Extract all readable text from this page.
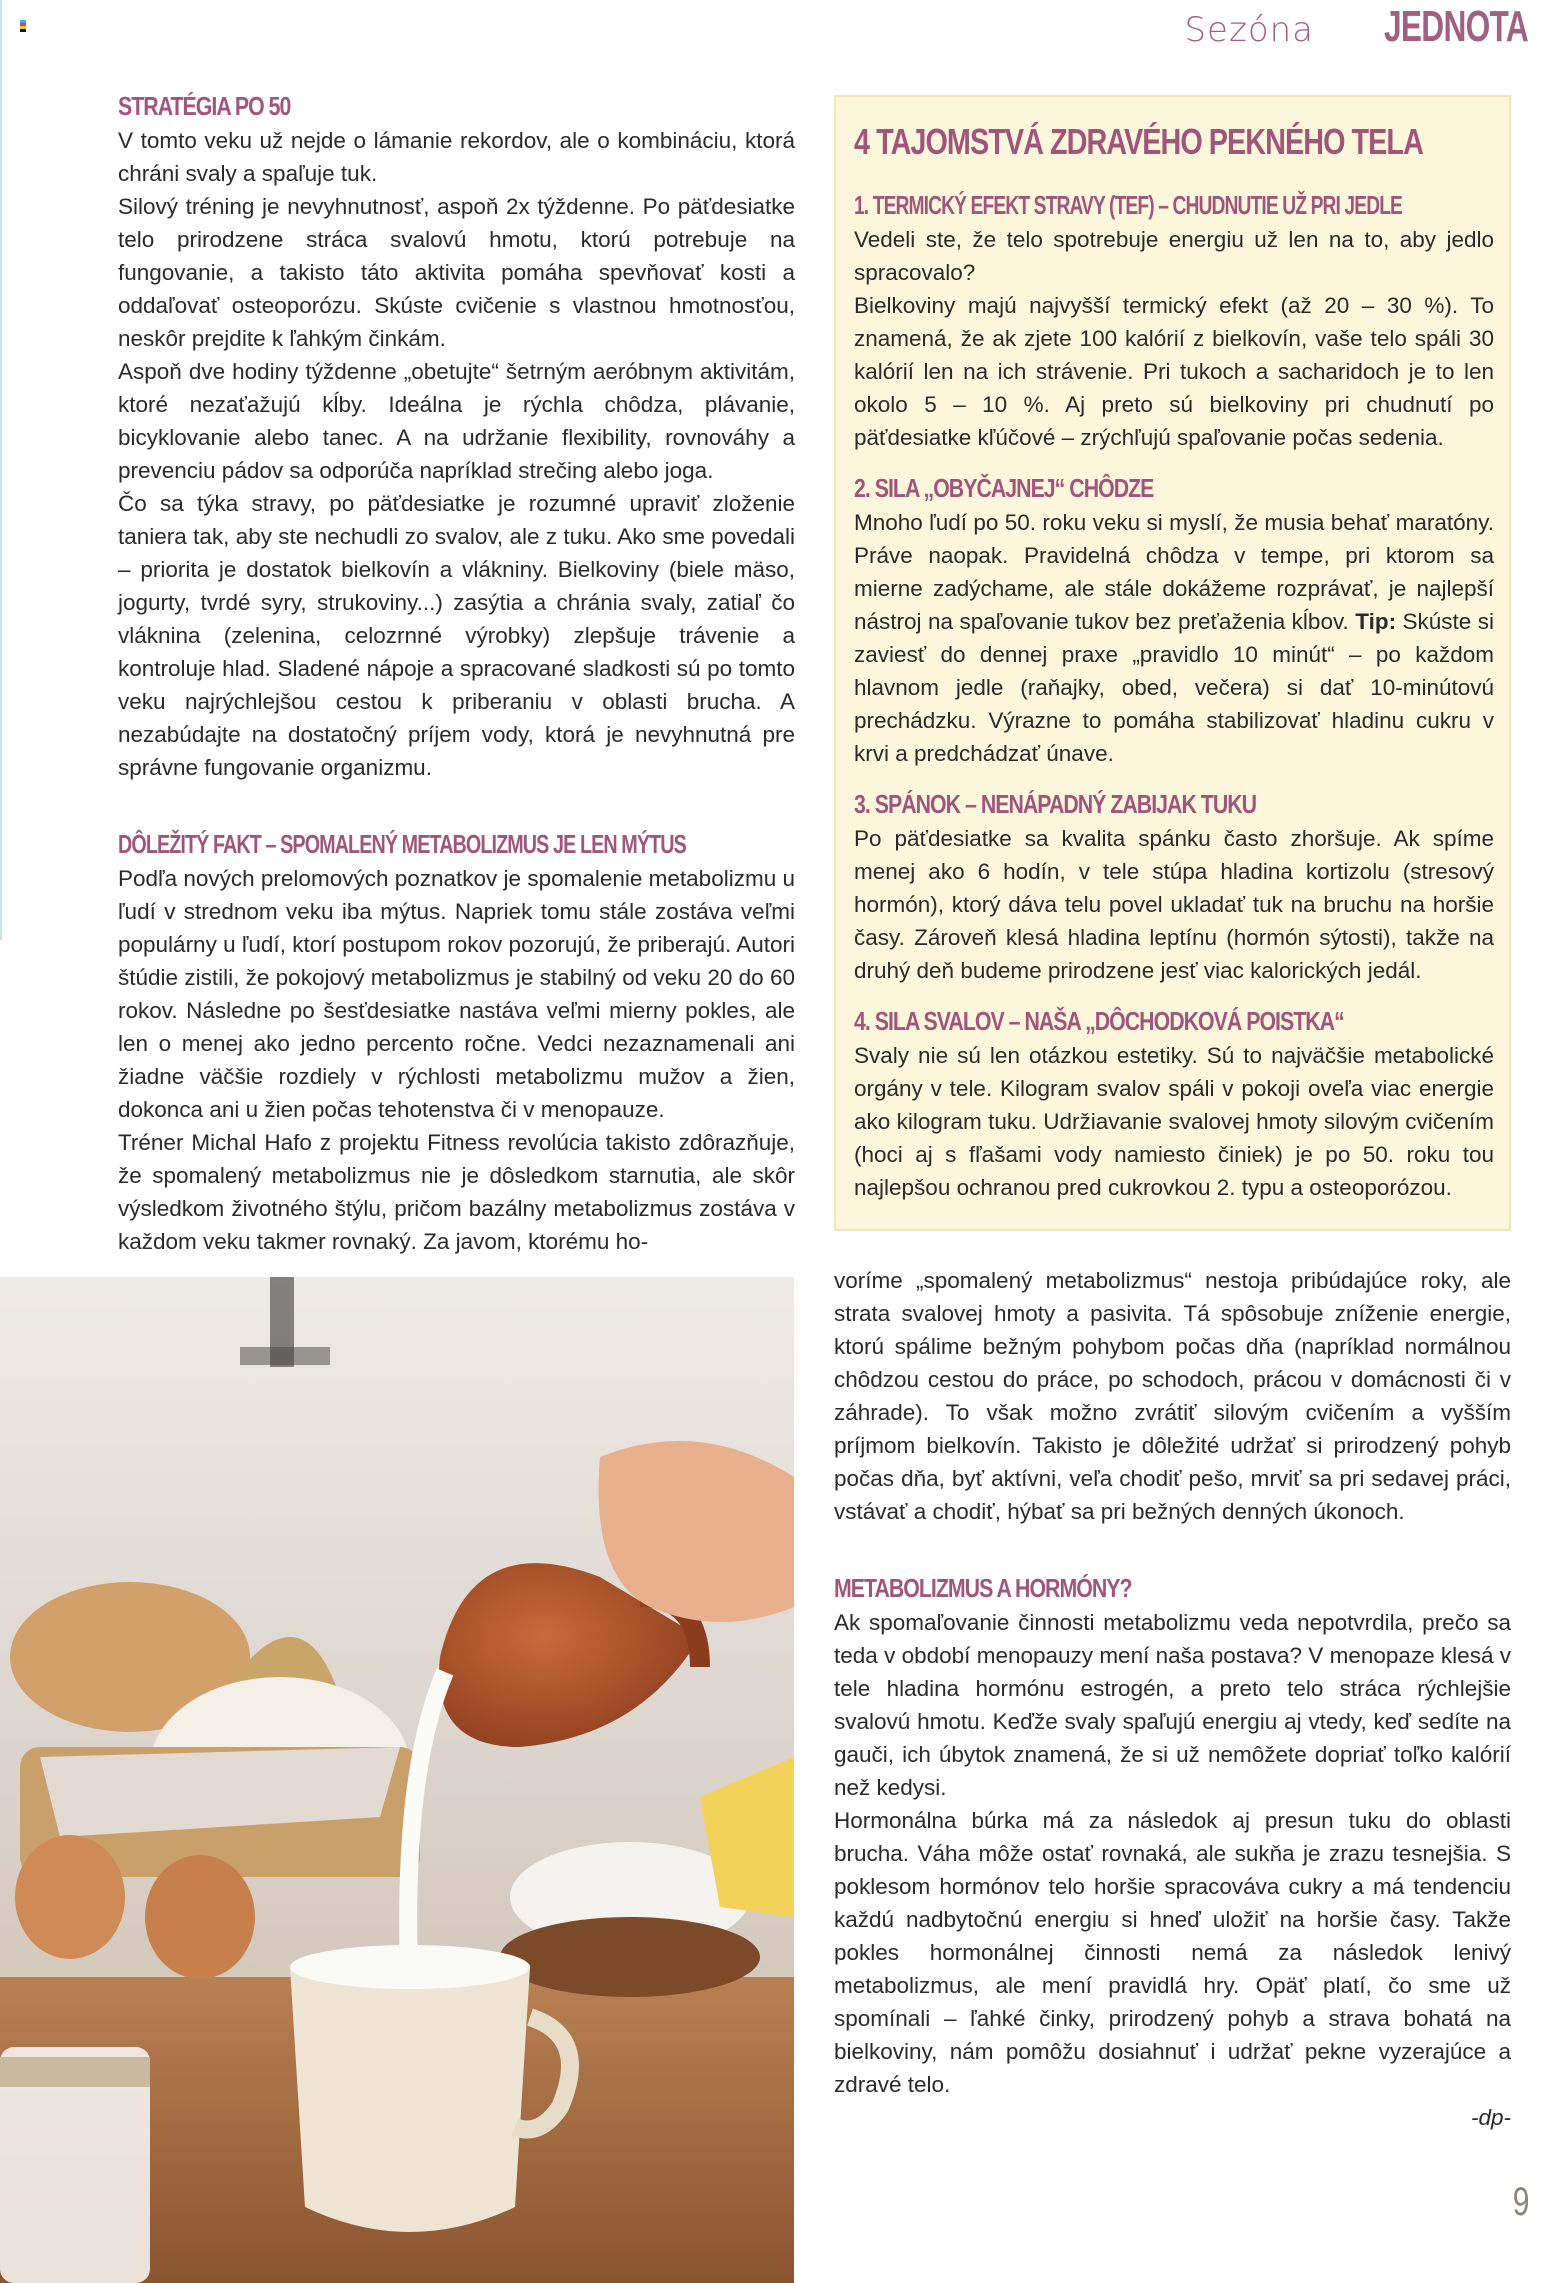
Sezóna JEDNOTA
STRATÉGIA PO 50

V tomto veku už nejde o lámanie rekordov, ale o kombináciu, ktorá chráni svaly a spaľuje tuk.

Silový tréning je nevyhnutnosť, aspoň 2x týždenne. Po päťdesiatke telo prirodzene stráca svalovú hmotu, ktorú potrebuje na fungovanie, a takisto táto aktivita pomáha spevňovať kosti a oddaľovať osteoporózu. Skúste cvičenie s vlastnou hmotnosťou, neskôr prejdite k ľahkým činkám.

Aspoň dve hodiny týždenne „obetujte“ šetrným aeróbnym aktivitám, ktoré nezaťažujú kĺby. Ideálna je rýchla chôdza, plávanie, bicyklovanie alebo tanec. A na udržanie flexibility, rovnováhy a prevenciu pádov sa odporúča napríklad strečing alebo joga.

Čo sa týka stravy, po päťdesiatke je rozumné upraviť zloženie taniera tak, aby ste nechudli zo svalov, ale z tuku. Ako sme povedali – priorita je dostatok bielkovín a vlákniny. Bielkoviny (biele mäso, jogurty, tvrdé syry, strukoviny...) zasýtia a chránia svaly, zatiaľ čo vláknina (zelenina, celozrnné výrobky) zlepšuje trávenie a kontroluje hlad. Sladené nápoje a spracované sladkosti sú po tomto veku najrýchlejšou cestou k priberaniu v oblasti brucha. A nezabúdajte na dostatočný príjem vody, ktorá je nevyhnutná pre správne fungovanie organizmu.

DÔLEŽITÝ FAKT – SPOMALENÝ METABOLIZMUS JE LEN MÝTUS

Podľa nových prelomových poznatkov je spomalenie metabolizmu u ľudí v strednom veku iba mýtus. Napriek tomu stále zostáva veľmi populárny u ľudí, ktorí postupom rokov pozorujú, že priberajú. Autori štúdie zistili, že pokojový metabolizmus je stabilný od veku 20 do 60 rokov. Následne po šesťdesiatke nastáva veľmi mierny pokles, ale len o menej ako jedno percento ročne. Vedci nezaznamenali ani žiadne väčšie rozdiely v rýchlosti metabolizmu mužov a žien, dokonca ani u žien počas tehotenstva či v menopauze.

Tréner Michal Hafo z projektu Fitness revolúcia takisto zdôrazňuje, že spomalený metabolizmus nie je dôsledkom starnutia, ale skôr výsledkom životného štýlu, pričom bazálny metabolizmus zostáva v každom veku takmer rovnaký. Za javom, ktorému ho-

4 TAJOMSTVÁ ZDRAVÉHO PEKNÉHO TELA
1. TERMICKÝ EFEKT STRAVY (TEF) – CHUDNUTIE UŽ PRI JEDLE

Vedeli ste, že telo spotrebuje energiu už len na to, aby jedlo spracovalo?

Bielkoviny majú najvyšší termický efekt (až 20 – 30 %). To znamená, že ak zjete 100 kalórií z bielkovín, vaše telo spáli 30 kalórií len na ich strávenie. Pri tukoch a sacharidoch je to len okolo 5 – 10 %. Aj preto sú bielkoviny pri chudnutí po päťdesiatke kľúčové – zrýchľujú spaľovanie počas sedenia.

2. SILA „OBYČAJNEJ“ CHÔDZE

Mnoho ľudí po 50. roku veku si myslí, že musia behať maratóny. Práve naopak. Pravidelná chôdza v tempe, pri ktorom sa mierne zadýchame, ale stále dokážeme rozprávať, je najlepší nástroj na spaľovanie tukov bez preťaženia kĺbov. Tip: Skúste si zaviesť do dennej praxe „pravidlo 10 minút“ – po každom hlavnom jedle (raňajky, obed, večera) si dať 10-minútovú prechádzku. Výrazne to pomáha stabilizovať hladinu cukru v krvi a predchádzať únave.

3. SPÁNOK – NENÁPADNÝ ZABIJAK TUKU

Po päťdesiatke sa kvalita spánku často zhoršuje. Ak spíme menej ako 6 hodín, v tele stúpa hladina kortizolu (stresový hormón), ktorý dáva telu povel ukladať tuk na bruchu na horšie časy. Zároveň klesá hladina leptínu (hormón sýtosti), takže na druhý deň budeme prirodzene jesť viac kalorických jedál.

4. SILA SVALOV – NAŠA „DÔCHODKOVÁ POISTKA“

Svaly nie sú len otázkou estetiky. Sú to najväčšie metabolické orgány v tele. Kilogram svalov spáli v pokoji oveľa viac energie ako kilogram tuku. Udržiavanie svalovej hmoty silovým cvičením (hoci aj s fľašami vody namiesto činiek) je po 50. roku tou najlepšou ochranou pred cukrovkou 2. typu a osteoporózou.

voríme „spomalený metabolizmus“ nestoja pribúdajúce roky, ale strata svalovej hmoty a pasivita. Tá spôsobuje zníženie energie, ktorú spálime bežným pohybom počas dňa (napríklad normálnou chôdzou cestou do práce, po schodoch, prácou v domácnosti či v záhrade). To však možno zvrátiť silovým cvičením a vyšším príjmom bielkovín. Takisto je dôležité udržať si prirodzený pohyb počas dňa, byť aktívni, veľa chodiť pešo, mrviť sa pri sedavej práci, vstávať a chodiť, hýbať sa pri bežných denných úkonoch.

METABOLIZMUS A HORMÓNY?

Ak spomaľovanie činnosti metabolizmu veda nepotvrdila, prečo sa teda v období menopauzy mení naša postava? V menopaze klesá v tele hladina hormónu estrogén, a preto telo stráca rýchlejšie svalovú hmotu. Keďže svaly spaľujú energiu aj vtedy, keď sedíte na gauči, ich úbytok znamená, že si už nemôžete dopriať toľko kalórií než kedysi.

Hormonálna búrka má za následok aj presun tuku do oblasti brucha. Váha môže ostať rovnaká, ale sukňa je zrazu tesnejšia. S poklesom hormónov telo horšie spracováva cukry a má tendenciu každú nadbytočnú energiu si hneď uložiť na horšie časy. Takže pokles hormonálnej činnosti nemá za následok lenivý metabolizmus, ale mení pravidlá hry. Opäť platí, čo sme už spomínali – ľahké činky, prirodzený pohyb a strava bohatá na bielkoviny, nám pomôžu dosiahnuť i udržať pekne vyzerajúce a zdravé telo.

-dp-

9
